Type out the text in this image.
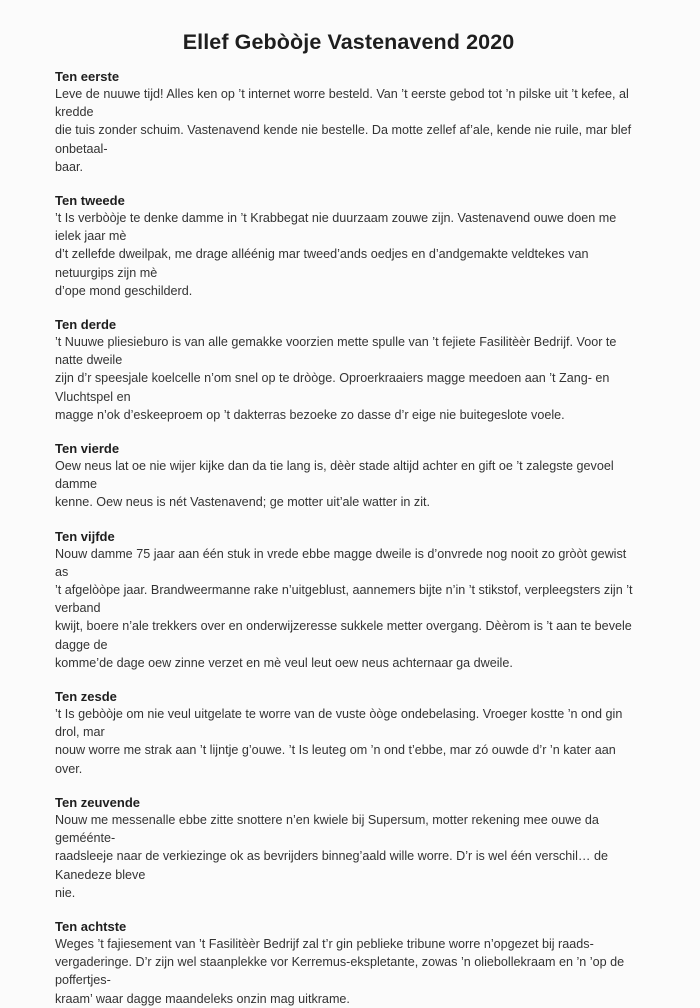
Ellef Gebòòje Vastenavend 2020

Ten eerste

Leve de nuuwe tijd! Alles ken op ’t internet worre besteld. Van ’t eerste gebod tot ’n pilske uit ’t kefee, al kredde
die tuis zonder schuim. Vastenavend kende nie bestelle. Da motte zellef af’ale, kende nie ruile, mar blef onbetaal-
baar.

Ten tweede

’t Is verbòòje te denke damme in ’t Krabbegat nie duurzaam zouwe zijn. Vastenavend ouwe doen me ielek jaar mè
d’t zellefde dweilpak, me drage alléénig mar tweed’ands oedjes en d’andgemakte veldtekes van netuurgips zijn mè
d’ope mond geschilderd.

Ten derde

’t Nuuwe pliesieburo is van alle gemakke voorzien mette spulle van ’t fejiete Fasilitèèr Bedrijf. Voor te natte dweile
zijn d’r speesjale koelcelle n’om snel op te dròòge. Oproerkraaiers magge meedoen aan ’t Zang- en Vluchtspel en
magge n’ok d’eskeeproem op ’t dakterras bezoeke zo dasse d’r eige nie buitegeslote voele.

Ten vierde

Oew neus lat oe nie wijer kijke dan da tie lang is, dèèr stade altijd achter en gift oe ’t zalegste gevoel damme
kenne. Oew neus is nét Vastenavend; ge motter uit’ale watter in zit.

Ten vijfde

Nouw damme 75 jaar aan één stuk in vrede ebbe magge dweile is d’onvrede nog nooit zo gròòt gewist as
’t afgelòòpe jaar. Brandweermanne rake n’uitgeblust, aannemers bijte n’in ’t stikstof, verpleegsters zijn ’t verband
kwijt, boere n’ale trekkers over en onderwijzeresse sukkele metter overgang. Dèèrom is ’t aan te bevele dagge de
komme’de dage oew zinne verzet en mè veul leut oew neus achternaar ga dweile.

Ten zesde

’t Is gebòòje om nie veul uitgelate te worre van de vuste òòge ondebelasing. Vroeger kostte ’n ond gin drol, mar
nouw worre me strak aan ’t lijntje g’ouwe. ’t Is leuteg om ’n ond t’ebbe, mar zó ouwde d’r ’n kater aan over.

Ten zeuvende

Nouw me messenalle ebbe zitte snottere n’en kwiele bij Supersum, motter rekening mee ouwe da geméénte-
raadsleeje naar de verkiezinge ok as bevrijders binneg’aald wille worre. D’r is wel één verschil… de Kanedeze bleve
nie.

Ten achtste

Weges ’t fajiesement van ’t Fasilitèèr Bedrijf zal t’r gin peblieke tribune worre n’opgezet bij raads-
vergaderinge. D’r zijn wel staanplekke vor Kerremus-ekspletante, zowas ’n oliebollekraam en ’n ’op de poffertjes-
kraam’ waar dagge maandeleks onzin mag uitkrame.
